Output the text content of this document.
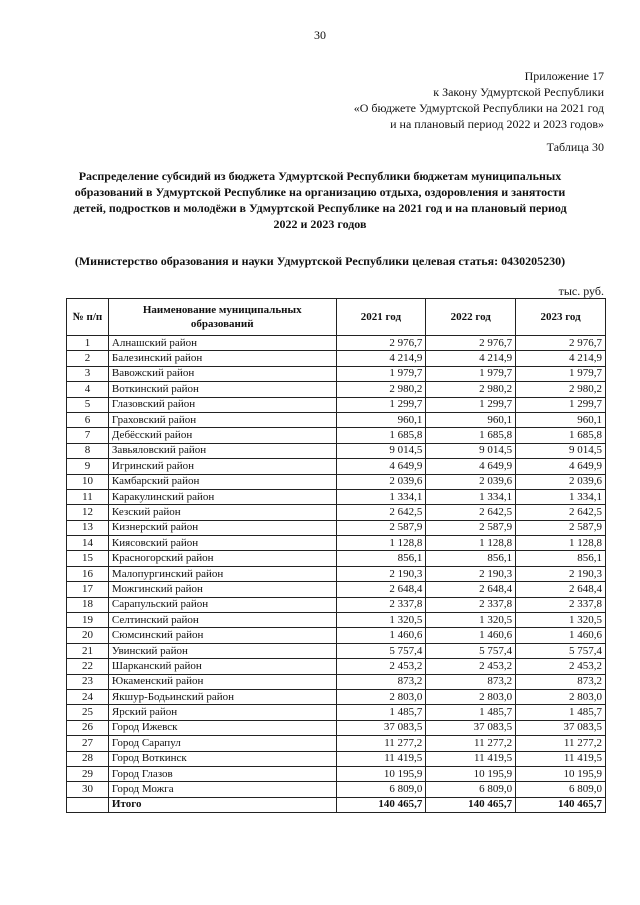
30
Приложение 17
к Закону Удмуртской Республики
«О бюджете Удмуртской Республики на 2021 год
и на плановый период 2022 и 2023 годов»
Таблица 30
Распределение субсидий из бюджета Удмуртской Республики бюджетам муниципальных образований в Удмуртской Республике на организацию отдыха, оздоровления и занятости детей, подростков и молодёжи в Удмуртской Республике на 2021 год и на плановый период 2022 и 2023 годов
(Министерство образования и науки Удмуртской Республики целевая статья: 0430205230)
тыс. руб.
№ п/п	Наименование муниципальных образований	2021 год	2022 год	2023 год
1	Алнашский район	2 976,7	2 976,7	2 976,7
2	Балезинский район	4 214,9	4 214,9	4 214,9
3	Вавожский район	1 979,7	1 979,7	1 979,7
4	Воткинский район	2 980,2	2 980,2	2 980,2
5	Глазовский район	1 299,7	1 299,7	1 299,7
6	Граховский район	960,1	960,1	960,1
7	Дебёсский район	1 685,8	1 685,8	1 685,8
8	Завьяловский район	9 014,5	9 014,5	9 014,5
9	Игринский район	4 649,9	4 649,9	4 649,9
10	Камбарский район	2 039,6	2 039,6	2 039,6
11	Каракулинский район	1 334,1	1 334,1	1 334,1
12	Кезский район	2 642,5	2 642,5	2 642,5
13	Кизнерский район	2 587,9	2 587,9	2 587,9
14	Киясовский район	1 128,8	1 128,8	1 128,8
15	Красногорский район	856,1	856,1	856,1
16	Малопургинский район	2 190,3	2 190,3	2 190,3
17	Можгинский район	2 648,4	2 648,4	2 648,4
18	Сарапульский район	2 337,8	2 337,8	2 337,8
19	Селтинский район	1 320,5	1 320,5	1 320,5
20	Сюмсинский район	1 460,6	1 460,6	1 460,6
21	Увинский район	5 757,4	5 757,4	5 757,4
22	Шарканский район	2 453,2	2 453,2	2 453,2
23	Юкаменский район	873,2	873,2	873,2
24	Якшур-Бодьинский район	2 803,0	2 803,0	2 803,0
25	Ярский район	1 485,7	1 485,7	1 485,7
26	Город Ижевск	37 083,5	37 083,5	37 083,5
27	Город Сарапул	11 277,2	11 277,2	11 277,2
28	Город Воткинск	11 419,5	11 419,5	11 419,5
29	Город Глазов	10 195,9	10 195,9	10 195,9
30	Город Можга	6 809,0	6 809,0	6 809,0
	Итого	140 465,7	140 465,7	140 465,7
